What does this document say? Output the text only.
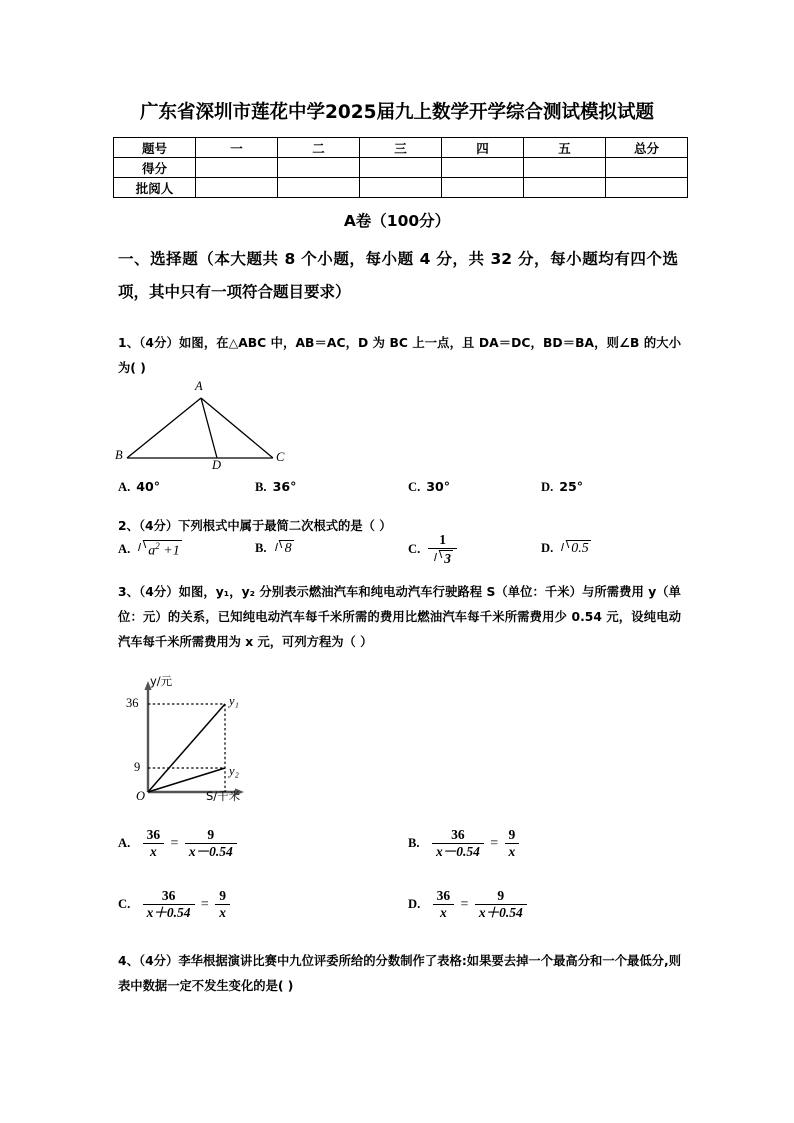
广东省深圳市莲花中学2025届九上数学开学综合测试模拟试题
题号	一	二	三	四	五	总分
得分						
批阅人						
A卷（100分）
一、选择题（本大题共 8 个小题，每小题 4 分，共 32 分，每小题均有四个选项，其中只有一项符合题目要求）
1、（4分）如图，在△ABC 中，AB＝AC，D 为 BC 上一点，且 DA＝DC，BD＝BA，则∠B 的大小为( )
A
B	C
D
A. 40°	B. 36°	C. 30°	D. 25°
2、（4分）下列根式中属于最简二次根式的是（ ）
A. $a^2 +1$	B. 8	C. $\frac{1}{3}$	D. 0.5
3、（4分）如图，y₁，y₂ 分别表示燃油汽车和纯电动汽车行驶路程 S（单位：千米）与所需费用 y（单位：元）的关系，已知纯电动汽车每千米所需的费用比燃油汽车每千米所需费用少 0.54 元，设纯电动汽车每千米所需费用为 x 元，可列方程为（ ）
y/元
S/千米
36
9
O
y₁
y₂
A. $\frac{36}{x} = \frac{9}{x-0.54}$	B. $\frac{36}{x-0.54} = \frac{9}{x}$
C. $\frac{36}{x+0.54} = \frac{9}{x}$	D. $\frac{36}{x} = \frac{9}{x+0.54}$
4、（4分）李华根据演讲比赛中九位评委所给的分数制作了表格:如果要去掉一个最高分和一个最低分,则表中数据一定不发生变化的是( )
